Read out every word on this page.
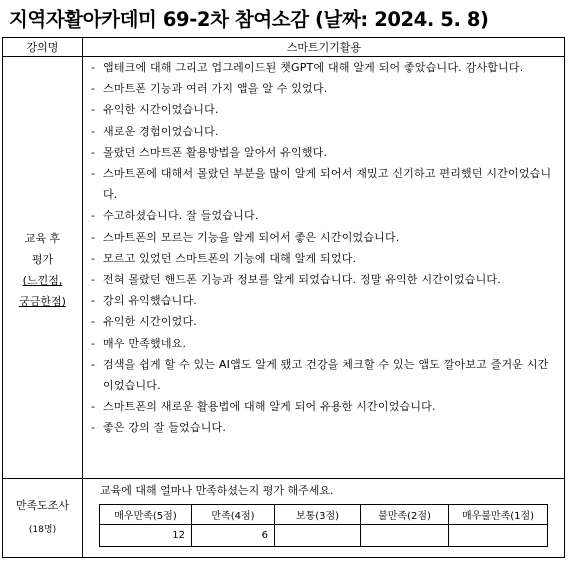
지역자활아카데미 69-2차 참여소감 (날짜: 2024. 5. 8)
강의명	스마트기기활용
교육 후
평가
(느낀점,
궁금한점)
- 앱테크에 대해 그리고 업그레이드된 챗GPT에 대해 알게 되어 좋았습니다. 감사합니다.
- 스마트폰 기능과 여러 가지 앱을 알 수 있었다.
- 유익한 시간이었습니다.
- 새로운 경험이었습니다.
- 몰랐던 스마트폰 활용방법을 알아서 유익했다.
- 스마트폰에 대해서 몰랐던 부분을 많이 알게 되어서 재밌고 신기하고 편리했던 시간이었습니다.
- 수고하셨습니다. 잘 들었습니다.
- 스마트폰의 모르는 기능을 알게 되어서 좋은 시간이었습니다.
- 모르고 있었던 스마트폰의 기능에 대해 알게 되었다.
- 전혀 몰랐던 핸드폰 기능과 정보를 알게 되었습니다. 정말 유익한 시간이었습니다.
- 강의 유익했습니다.
- 유익한 시간이었다.
- 매우 만족했네요.
- 검색을 쉽게 할 수 있는 AI앱도 알게 됐고 건강을 체크할 수 있는 앱도 깔아보고 즐거운 시간이었습니다.
- 스마트폰의 새로운 활용법에 대해 알게 되어 유용한 시간이었습니다.
- 좋은 강의 잘 들었습니다.
만족도조사
(18명)
교육에 대해 얼마나 만족하셨는지 평가 해주세요.
매우만족(5점)	만족(4점)	보통(3점)	불만족(2점)	매우불만족(1점)
12	6			
